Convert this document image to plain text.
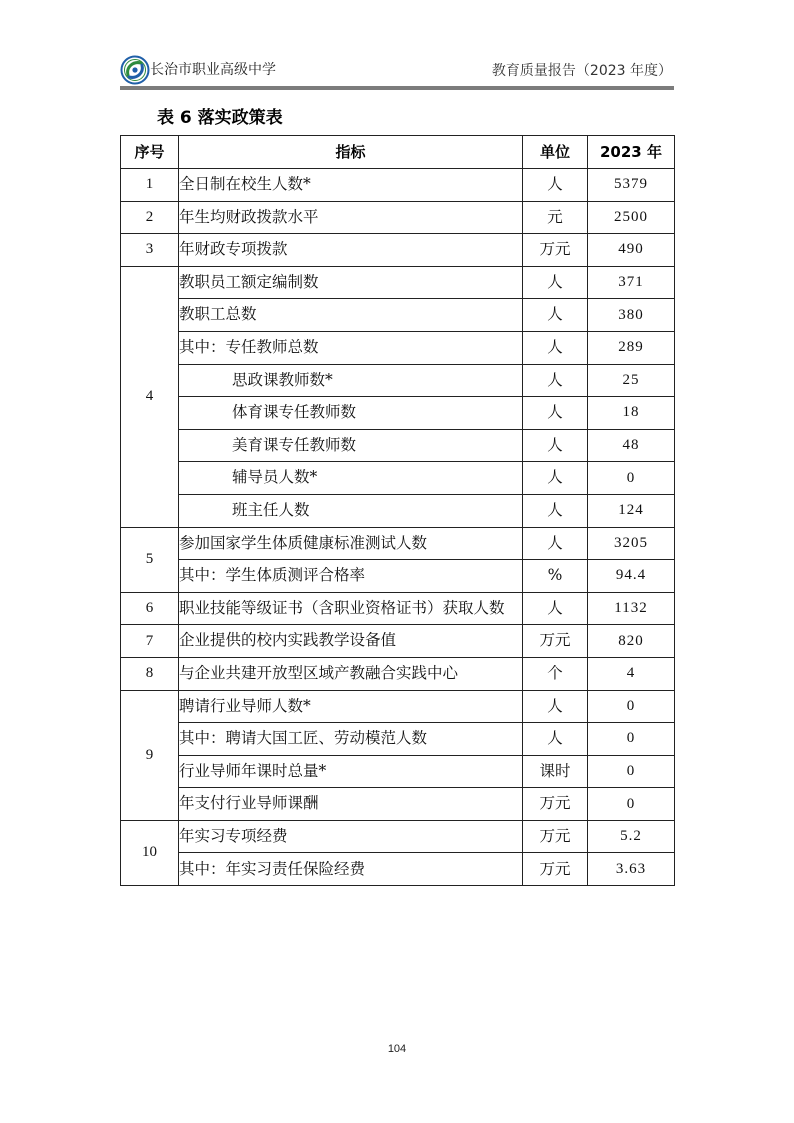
长治市职业高级中学	教育质量报告（2023 年度）
表 6 落实政策表
序号	指标	单位	2023 年
1	全日制在校生人数*	人	5379
2	年生均财政拨款水平	元	2500
3	年财政专项拨款	万元	490
4	教职员工额定编制数	人	371
	教职工总数	人	380
	其中：专任教师总数	人	289
	思政课教师数*	人	25
	体育课专任教师数	人	18
	美育课专任教师数	人	48
	辅导员人数*	人	0
	班主任人数	人	124
5	参加国家学生体质健康标准测试人数	人	3205
	其中：学生体质测评合格率	%	94.4
6	职业技能等级证书（含职业资格证书）获取人数	人	1132
7	企业提供的校内实践教学设备值	万元	820
8	与企业共建开放型区域产教融合实践中心	个	4
9	聘请行业导师人数*	人	0
	其中：聘请大国工匠、劳动模范人数	人	0
	行业导师年课时总量*	课时	0
	年支付行业导师课酬	万元	0
10	年实习专项经费	万元	5.2
	其中：年实习责任保险经费	万元	3.63
104
